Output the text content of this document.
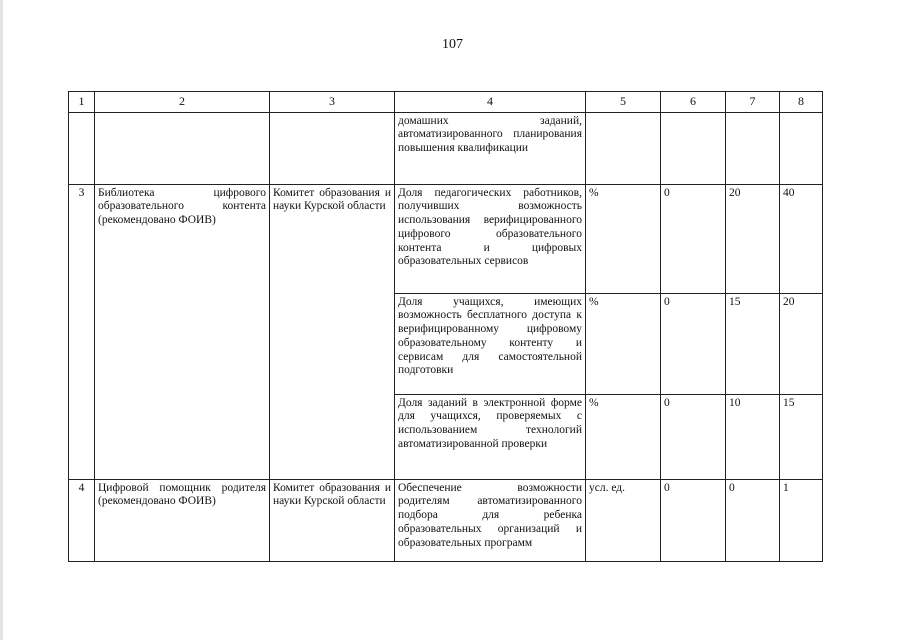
107
1	2	3	4	5	6	7	8
			домашних заданий, автоматизированного планирования повышения квалификации				
3	Библиотека цифрового образовательного контента (рекомендовано ФОИВ)	Комитет образования и науки Курской области	Доля педагогических работников, получивших возможность использования верифицированного цифрового образовательного контента и цифровых образовательных сервисов	%	0	20	40
			Доля учащихся, имеющих возможность бесплатного доступа к верифицированному цифровому образовательному контенту и сервисам для самостоятельной подготовки	%	0	15	20
			Доля заданий в электронной форме для учащихся, проверяемых с использованием технологий автоматизированной проверки	%	0	10	15
4	Цифровой помощник родителя (рекомендовано ФОИВ)	Комитет образования и науки Курской области	Обеспечение возможности родителям автоматизированного подбора для ребенка образовательных организаций и образовательных программ	усл. ед.	0	0	1
